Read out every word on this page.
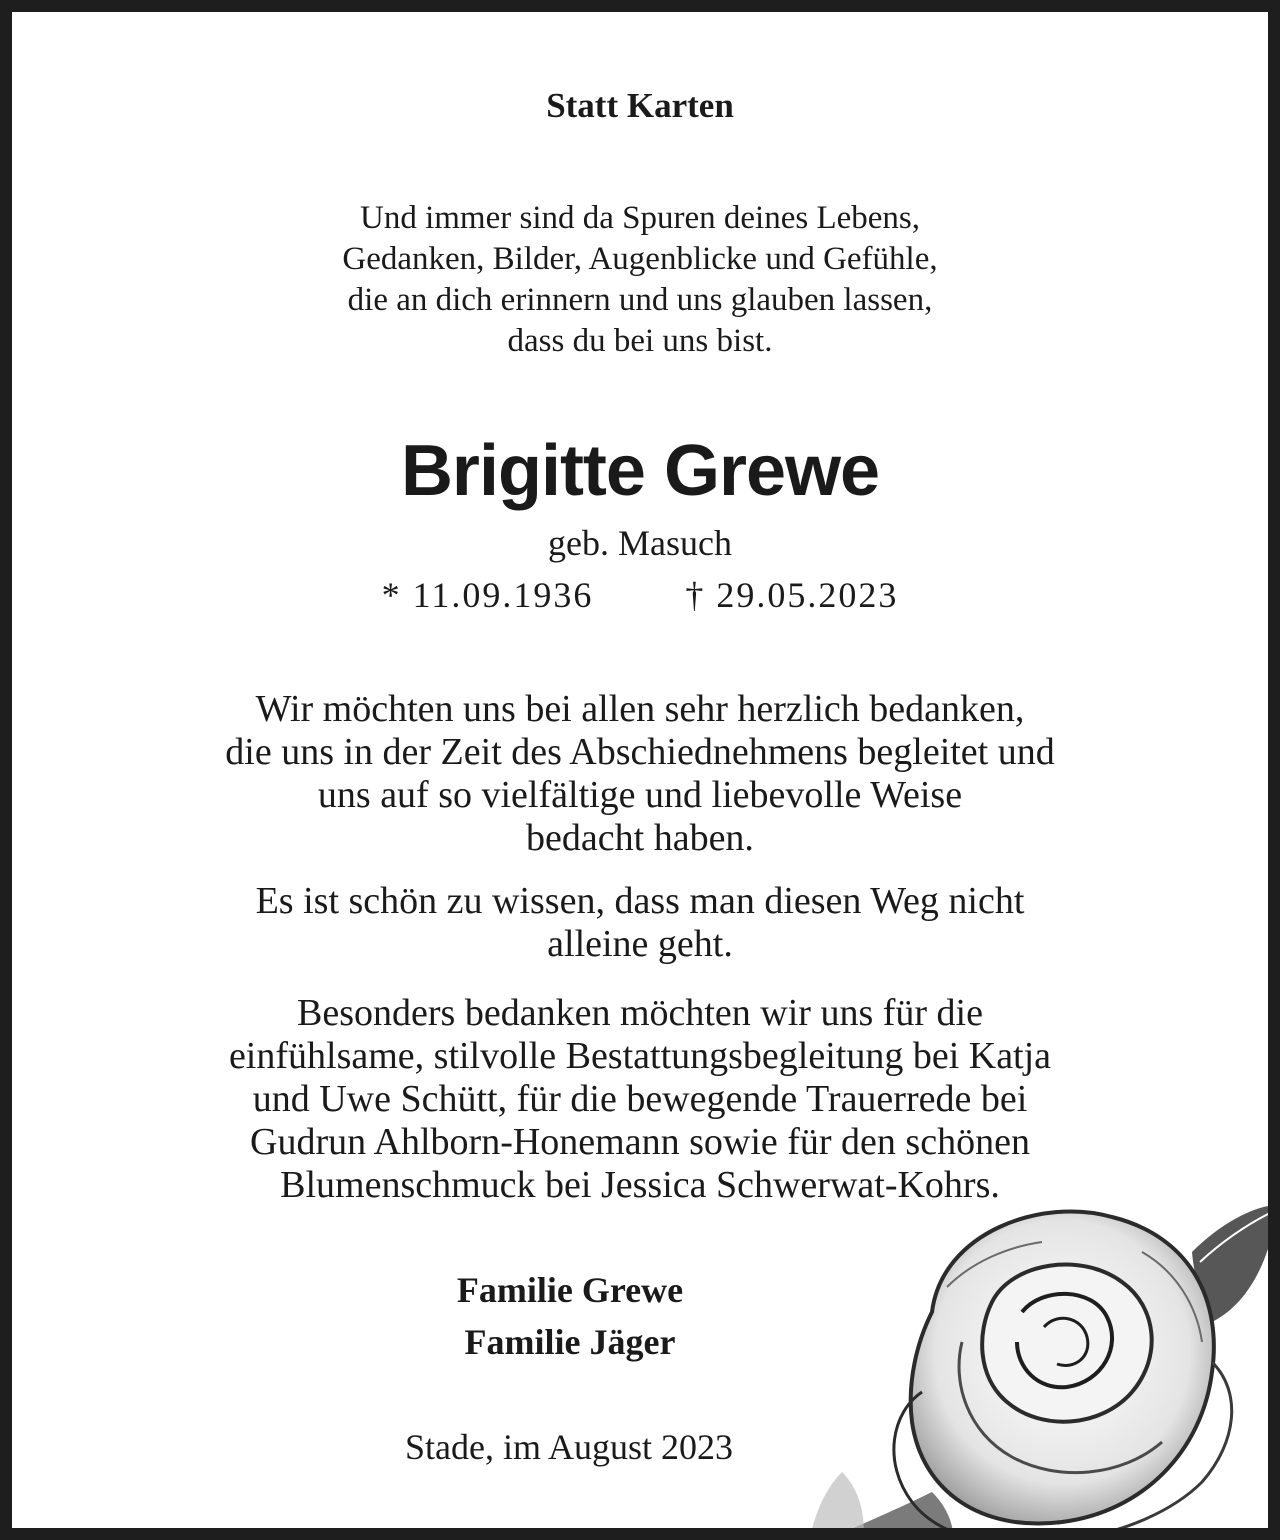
Statt Karten
Und immer sind da Spuren deines Lebens,
Gedanken, Bilder, Augenblicke und Gefühle,
die an dich erinnern und uns glauben lassen,
dass du bei uns bist.
Brigitte Grewe
geb. Masuch
* 11.09.1936	† 29.05.2023
Wir möchten uns bei allen sehr herzlich bedanken,
die uns in der Zeit des Abschiednehmens begleitet und
uns auf so vielfältige und liebevolle Weise
bedacht haben.
Es ist schön zu wissen, dass man diesen Weg nicht
alleine geht.
Besonders bedanken möchten wir uns für die
einfühlsame, stilvolle Bestattungsbegleitung bei Katja
und Uwe Schütt, für die bewegende Trauerrede bei
Gudrun Ahlborn-Honemann sowie für den schönen
Blumenschmuck bei Jessica Schwerwat-Kohrs.
Familie Grewe
Familie Jäger
Stade, im August 2023
